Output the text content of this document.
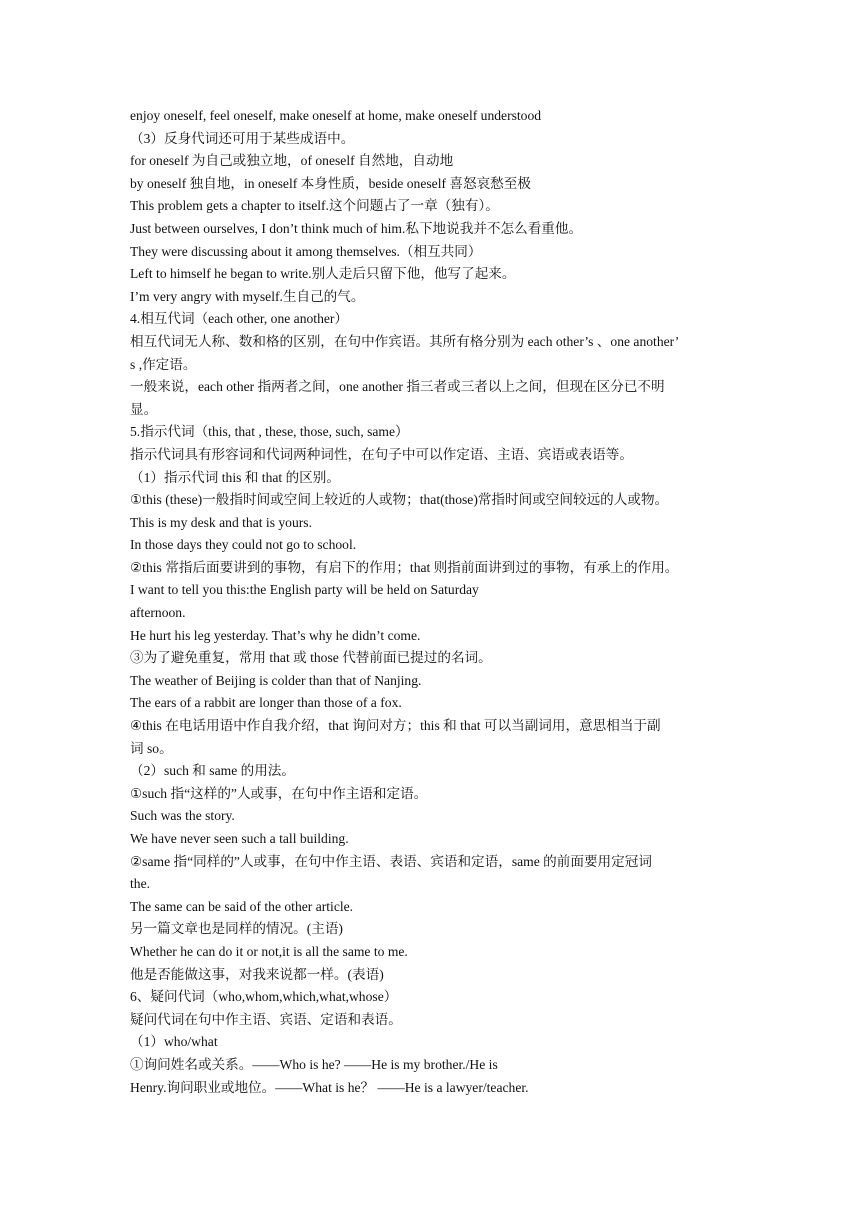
enjoy oneself, feel oneself, make oneself at home, make oneself understood
（3）反身代词还可用于某些成语中。
for oneself 为自己或独立地，of oneself 自然地，自动地
by oneself 独自地，in oneself 本身性质，beside oneself 喜怒哀愁至极
This problem gets a chapter to itself.这个问题占了一章（独有）。
Just between ourselves, I don’t think much of him.私下地说我并不怎么看重他。
They were discussing about it among themselves.（相互共同）
Left to himself he began to write.别人走后只留下他，他写了起来。
I’m very angry with myself.生自己的气。
4.相互代词（each other, one another）
相互代词无人称、数和格的区别，在句中作宾语。其所有格分别为 each other’s 、one another’
s ,作定语。
一般来说，each other 指两者之间，one another 指三者或三者以上之间，但现在区分已不明
显。
5.指示代词（this, that , these, those, such, same）
指示代词具有形容词和代词两种词性，在句子中可以作定语、主语、宾语或表语等。
（1）指示代词 this 和 that 的区别。
①this (these)一般指时间或空间上较近的人或物；that(those)常指时间或空间较远的人或物。
This is my desk and that is yours.
In those days they could not go to school.
②this 常指后面要讲到的事物，有启下的作用；that 则指前面讲到过的事物，有承上的作用。
I want to tell you this:the English party will be held on Saturday
afternoon.
He hurt his leg yesterday. That’s why he didn’t come.
③为了避免重复，常用 that 或 those 代替前面已提过的名词。
The weather of Beijing is colder than that of Nanjing.
The ears of a rabbit are longer than those of a fox.
④this 在电话用语中作自我介绍，that 询问对方；this 和 that 可以当副词用，意思相当于副
词 so。
（2）such 和 same 的用法。
①such 指“这样的”人或事，在句中作主语和定语。
Such was the story.
We have never seen such a tall building.
②same 指“同样的”人或事，在句中作主语、表语、宾语和定语，same 的前面要用定冠词
the.
The same can be said of the other article.
另一篇文章也是同样的情况。(主语)
Whether he can do it or not,it is all the same to me.
他是否能做这事，对我来说都一样。(表语)
6、疑问代词（who,whom,which,what,whose）
疑问代词在句中作主语、宾语、定语和表语。
（1）who/what
①询问姓名或关系。——Who is he? ——He is my brother./He is
Henry.询问职业或地位。——What is he？ ——He is a lawyer/teacher.
